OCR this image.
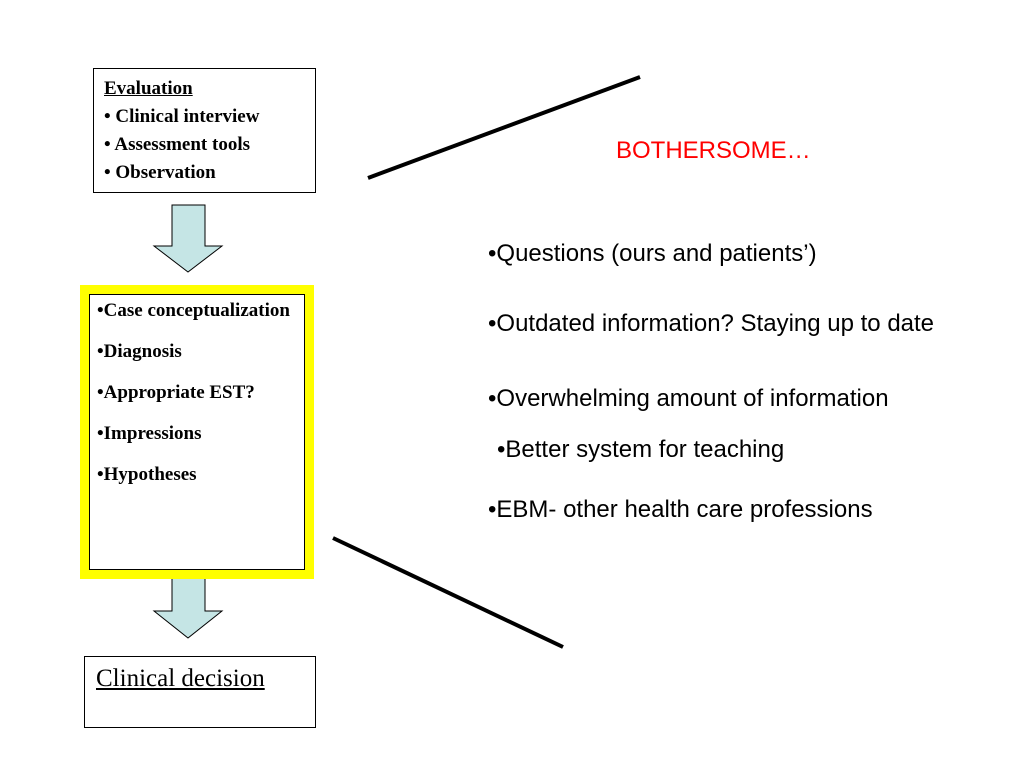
Evaluation
• Clinical interview
• Assessment tools
• Observation
•Case conceptualization
•Diagnosis
•Appropriate EST?
•Impressions
•Hypotheses
Clinical decision
BOTHERSOME…
•Questions (ours and patients’)
•Outdated information? Staying up to date
•Overwhelming amount of information
•Better system for teaching
•EBM- other health care professions
